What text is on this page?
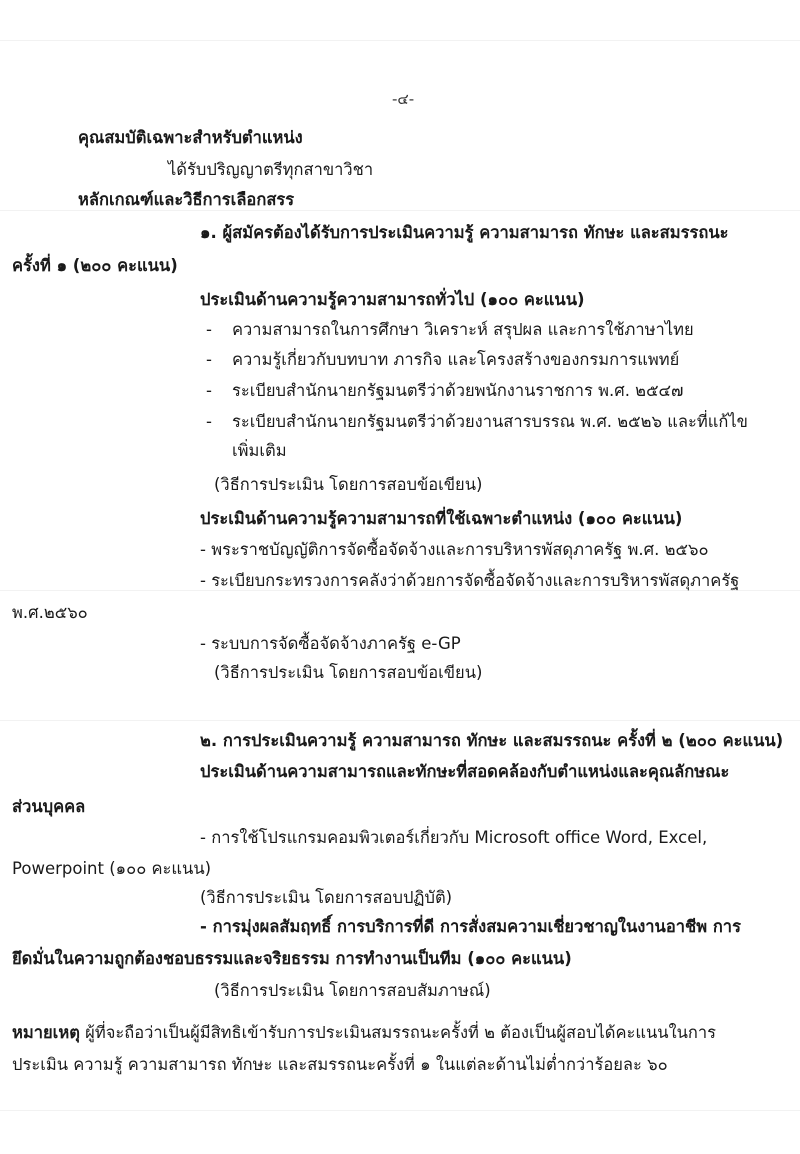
-๔-
คุณสมบัติเฉพาะสำหรับตำแหน่ง
ได้รับปริญญาตรีทุกสาขาวิชา
หลักเกณฑ์และวิธีการเลือกสรร
๑. ผู้สมัครต้องได้รับการประเมินความรู้ ความสามารถ ทักษะ และสมรรถนะ
ครั้งที่ ๑ (๒๐๐ คะแนน)
ประเมินด้านความรู้ความสามารถทั่วไป (๑๐๐ คะแนน)
- ความสามารถในการศึกษา วิเคราะห์ สรุปผล และการใช้ภาษาไทย
- ความรู้เกี่ยวกับบทบาท ภารกิจ และโครงสร้างของกรมการแพทย์
- ระเบียบสำนักนายกรัฐมนตรีว่าด้วยพนักงานราชการ พ.ศ. ๒๕๔๗
- ระเบียบสำนักนายกรัฐมนตรีว่าด้วยงานสารบรรณ พ.ศ. ๒๕๒๖ และที่แก้ไข
เพิ่มเติม
(วิธีการประเมิน โดยการสอบข้อเขียน)
ประเมินด้านความรู้ความสามารถที่ใช้เฉพาะตำแหน่ง (๑๐๐ คะแนน)
- พระราชบัญญัติการจัดซื้อจัดจ้างและการบริหารพัสดุภาครัฐ พ.ศ. ๒๕๖๐
- ระเบียบกระทรวงการคลังว่าด้วยการจัดซื้อจัดจ้างและการบริหารพัสดุภาครัฐ
พ.ศ.๒๕๖๐
- ระบบการจัดซื้อจัดจ้างภาครัฐ e-GP
(วิธีการประเมิน โดยการสอบข้อเขียน)
๒. การประเมินความรู้ ความสามารถ ทักษะ และสมรรถนะ ครั้งที่ ๒ (๒๐๐ คะแนน)
ประเมินด้านความสามารถและทักษะที่สอดคล้องกับตำแหน่งและคุณลักษณะ
ส่วนบุคคล
- การใช้โปรแกรมคอมพิวเตอร์เกี่ยวกับ Microsoft office Word, Excel,
Powerpoint (๑๐๐ คะแนน)
(วิธีการประเมิน โดยการสอบปฏิบัติ)
- การมุ่งผลสัมฤทธิ์ การบริการที่ดี การสั่งสมความเชี่ยวชาญในงานอาชีพ การ
ยึดมั่นในความถูกต้องชอบธรรมและจริยธรรม การทำงานเป็นทีม (๑๐๐ คะแนน)
(วิธีการประเมิน โดยการสอบสัมภาษณ์)
หมายเหตุ ผู้ที่จะถือว่าเป็นผู้มีสิทธิเข้ารับการประเมินสมรรถนะครั้งที่ ๒ ต้องเป็นผู้สอบได้คะแนนในการ
ประเมิน ความรู้ ความสามารถ ทักษะ และสมรรถนะครั้งที่ ๑ ในแต่ละด้านไม่ต่ำกว่าร้อยละ ๖๐
